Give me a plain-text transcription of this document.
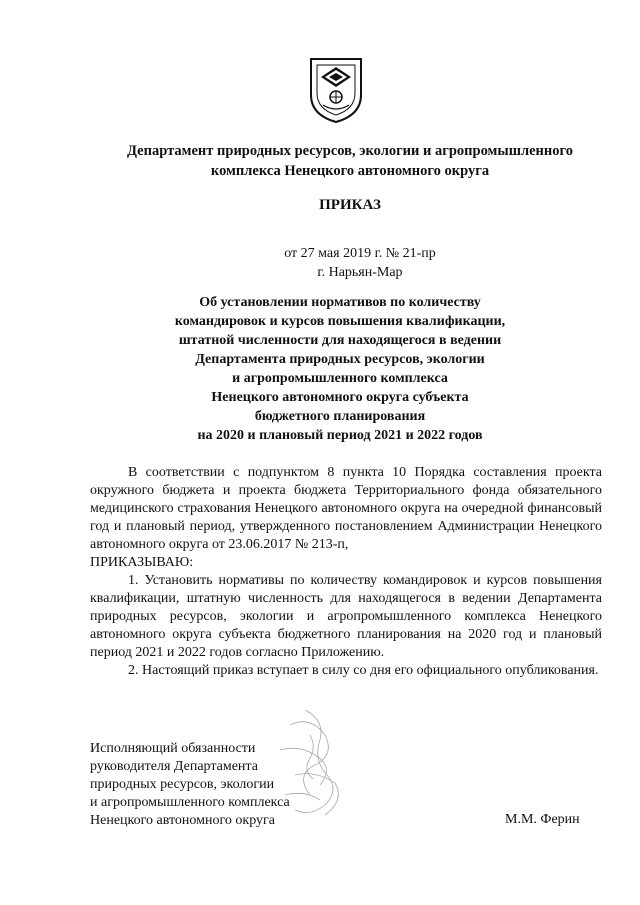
Департамент природных ресурсов, экологии и агропромышленного
комплекса Ненецкого автономного округа
ПРИКАЗ
от 27 мая 2019 г. № 21-пр
г. Нарьян-Мар
Об установлении нормативов по количеству
командировок и курсов повышения квалификации,
штатной численности для находящегося в ведении
Департамента природных ресурсов, экологии
и агропромышленного комплекса
Ненецкого автономного округа субъекта
бюджетного планирования
на 2020 и плановый период 2021 и 2022 годов

В соответствии с подпунктом 8 пункта 10 Порядка составления проекта окружного бюджета и проекта бюджета Территориального фонда обязательного медицинского страхования Ненецкого автономного округа на очередной финансовый год и плановый период, утвержденного постановлением Администрации Ненецкого автономного округа от 23.06.2017 № 213-п,

ПРИКАЗЫВАЮ:

1. Установить нормативы по количеству командировок и курсов повышения квалификации, штатную численность для находящегося в ведении Департамента природных ресурсов, экологии и агропромышленного комплекса Ненецкого автономного округа субъекта бюджетного планирования на 2020 год и плановый период 2021 и 2022 годов согласно Приложению.

2. Настоящий приказ вступает в силу со дня его официального опубликования.

Исполняющий обязанности
руководителя Департамента
природных ресурсов, экологии
и агропромышленного комплекса
Ненецкого автономного округа	М.М. Ферин
